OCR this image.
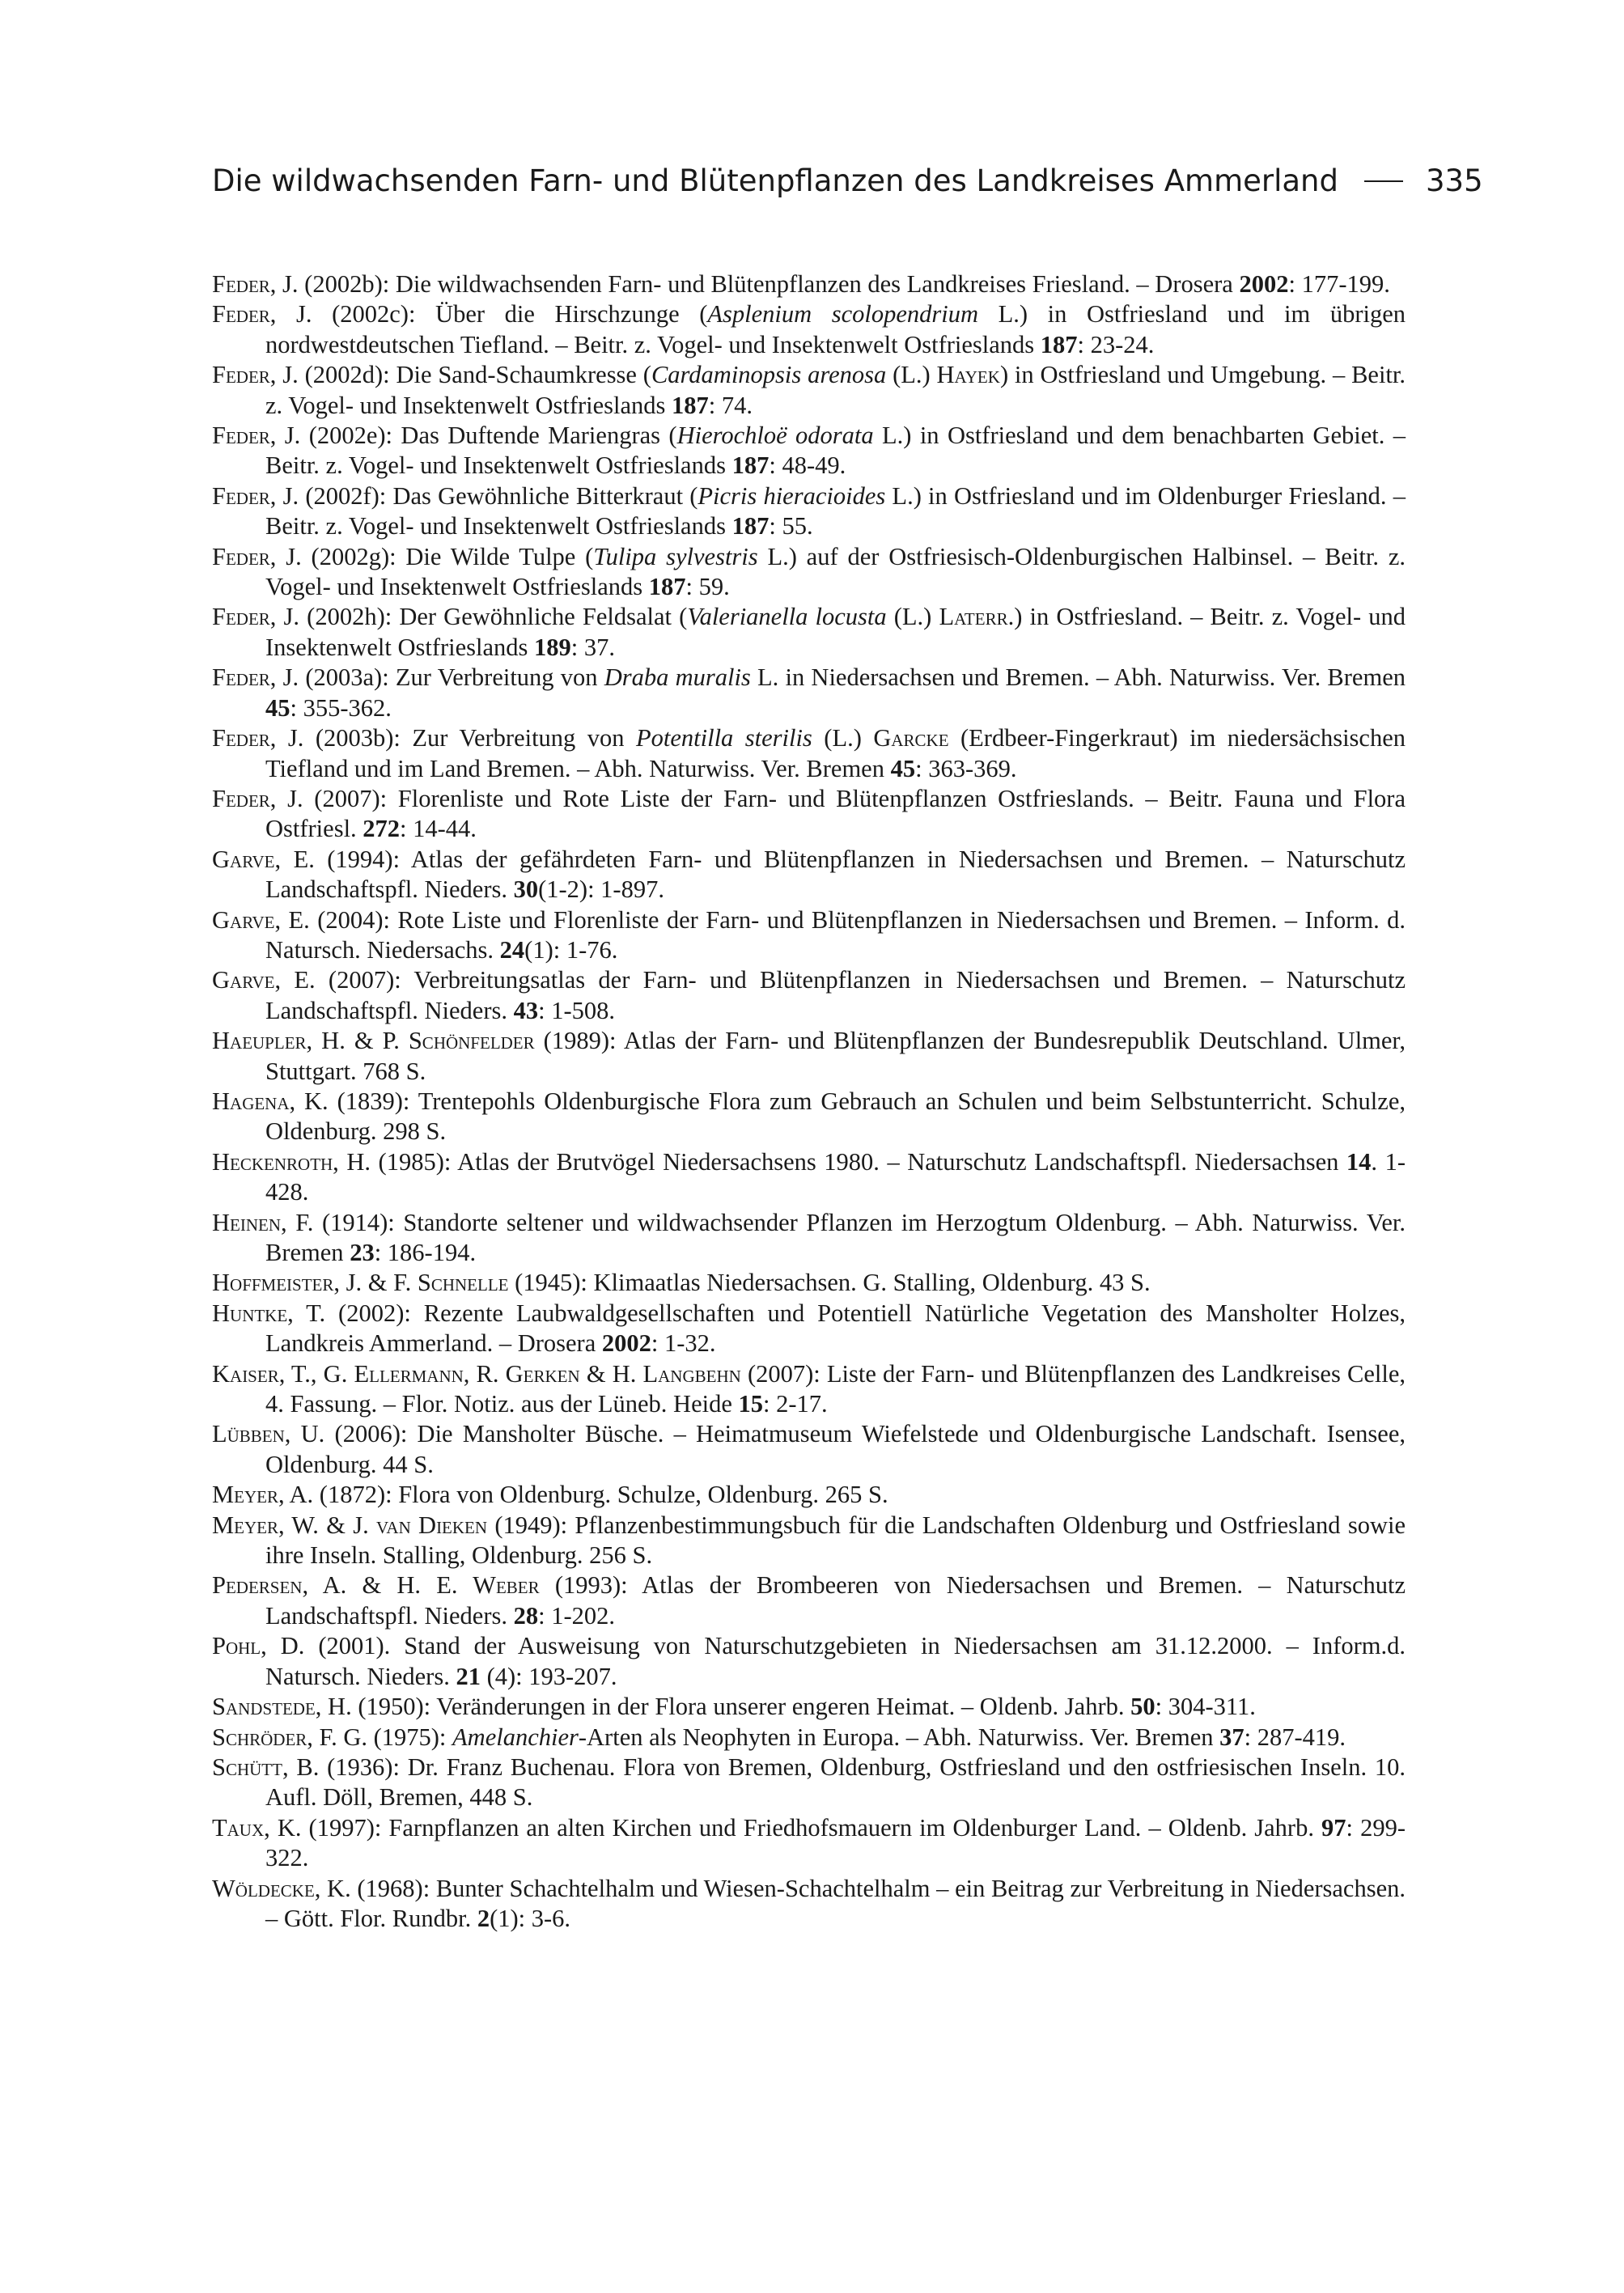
Die wildwachsenden Farn- und Blütenpflanzen des Landkreises Ammerland	335

Feder, J. (2002b): Die wildwachsenden Farn- und Blütenpflanzen des Landkreises Friesland. – Drosera 2002: 177-199.

Feder, J. (2002c): Über die Hirschzunge (Asplenium scolopendrium L.) in Ostfriesland und im übrigen nordwestdeutschen Tiefland. – Beitr. z. Vogel- und Insektenwelt Ostfrieslands 187: 23-24.

Feder, J. (2002d): Die Sand-Schaumkresse (Cardaminopsis arenosa (L.) Hayek) in Ostfriesland und Umgebung. – Beitr. z. Vogel- und Insektenwelt Ostfrieslands 187: 74.

Feder, J. (2002e): Das Duftende Mariengras (Hierochloë odorata L.) in Ostfriesland und dem benachbarten Gebiet. – Beitr. z. Vogel- und Insektenwelt Ostfrieslands 187: 48-49.

Feder, J. (2002f): Das Gewöhnliche Bitterkraut (Picris hieracioides L.) in Ostfriesland und im Oldenburger Friesland. – Beitr. z. Vogel- und Insektenwelt Ostfrieslands 187: 55.

Feder, J. (2002g): Die Wilde Tulpe (Tulipa sylvestris L.) auf der Ostfriesisch-Oldenburgischen Halbinsel. – Beitr. z. Vogel- und Insektenwelt Ostfrieslands 187: 59.

Feder, J. (2002h): Der Gewöhnliche Feldsalat (Valerianella locusta (L.) Laterr.) in Ostfriesland. – Beitr. z. Vogel- und Insektenwelt Ostfrieslands 189: 37.

Feder, J. (2003a): Zur Verbreitung von Draba muralis L. in Niedersachsen und Bremen. – Abh. Naturwiss. Ver. Bremen 45: 355-362.

Feder, J. (2003b): Zur Verbreitung von Potentilla sterilis (L.) Garcke (Erdbeer-Fingerkraut) im niedersächsischen Tiefland und im Land Bremen. – Abh. Naturwiss. Ver. Bremen 45: 363-369.

Feder, J. (2007): Florenliste und Rote Liste der Farn- und Blütenpflanzen Ostfrieslands. – Beitr. Fauna und Flora Ostfriesl. 272: 14-44.

Garve, E. (1994): Atlas der gefährdeten Farn- und Blütenpflanzen in Niedersachsen und Bremen. – Naturschutz Landschaftspfl. Nieders. 30(1-2): 1-897.

Garve, E. (2004): Rote Liste und Florenliste der Farn- und Blütenpflanzen in Niedersachsen und Bremen. – Inform. d. Natursch. Niedersachs. 24(1): 1-76.

Garve, E. (2007): Verbreitungsatlas der Farn- und Blütenpflanzen in Niedersachsen und Bremen. – Naturschutz Landschaftspfl. Nieders. 43: 1-508.

Haeupler, H. & P. Schönfelder (1989): Atlas der Farn- und Blütenpflanzen der Bundesrepublik Deutschland. Ulmer, Stuttgart. 768 S.

Hagena, K. (1839): Trentepohls Oldenburgische Flora zum Gebrauch an Schulen und beim Selbstunterricht. Schulze, Oldenburg. 298 S.

Heckenroth, H. (1985): Atlas der Brutvögel Niedersachsens 1980. – Naturschutz Landschaftspfl. Niedersachsen 14. 1-428.

Heinen, F. (1914): Standorte seltener und wildwachsender Pflanzen im Herzogtum Oldenburg. – Abh. Naturwiss. Ver. Bremen 23: 186-194.

Hoffmeister, J. & F. Schnelle (1945): Klimaatlas Niedersachsen. G. Stalling, Oldenburg. 43 S.

Huntke, T. (2002): Rezente Laubwaldgesellschaften und Potentiell Natürliche Vegetation des Mansholter Holzes, Landkreis Ammerland. – Drosera 2002: 1-32.

Kaiser, T., G. Ellermann, R. Gerken & H. Langbehn (2007): Liste der Farn- und Blütenpflanzen des Landkreises Celle, 4. Fassung. – Flor. Notiz. aus der Lüneb. Heide 15: 2-17.

Lübben, U. (2006): Die Mansholter Büsche. – Heimatmuseum Wiefelstede und Oldenburgische Landschaft. Isensee, Oldenburg. 44 S.

Meyer, A. (1872): Flora von Oldenburg. Schulze, Oldenburg. 265 S.

Meyer, W. & J. van Dieken (1949): Pflanzenbestimmungsbuch für die Landschaften Oldenburg und Ostfriesland sowie ihre Inseln. Stalling, Oldenburg. 256 S.

Pedersen, A. & H. E. Weber (1993): Atlas der Brombeeren von Niedersachsen und Bremen. – Naturschutz Landschaftspfl. Nieders. 28: 1-202.

Pohl, D. (2001). Stand der Ausweisung von Naturschutzgebieten in Niedersachsen am 31.12.2000. – Inform.d. Natursch. Nieders. 21 (4): 193-207.

Sandstede, H. (1950): Veränderungen in der Flora unserer engeren Heimat. – Oldenb. Jahrb. 50: 304-311.

Schröder, F. G. (1975): Amelanchier-Arten als Neophyten in Europa. – Abh. Naturwiss. Ver. Bremen 37: 287-419.

Schütt, B. (1936): Dr. Franz Buchenau. Flora von Bremen, Oldenburg, Ostfriesland und den ostfriesischen Inseln. 10. Aufl. Döll, Bremen, 448 S.

Taux, K. (1997): Farnpflanzen an alten Kirchen und Friedhofsmauern im Oldenburger Land. – Oldenb. Jahrb. 97: 299-322.

Wöldecke, K. (1968): Bunter Schachtelhalm und Wiesen-Schachtelhalm – ein Beitrag zur Verbreitung in Niedersachsen. – Gött. Flor. Rundbr. 2(1): 3-6.
